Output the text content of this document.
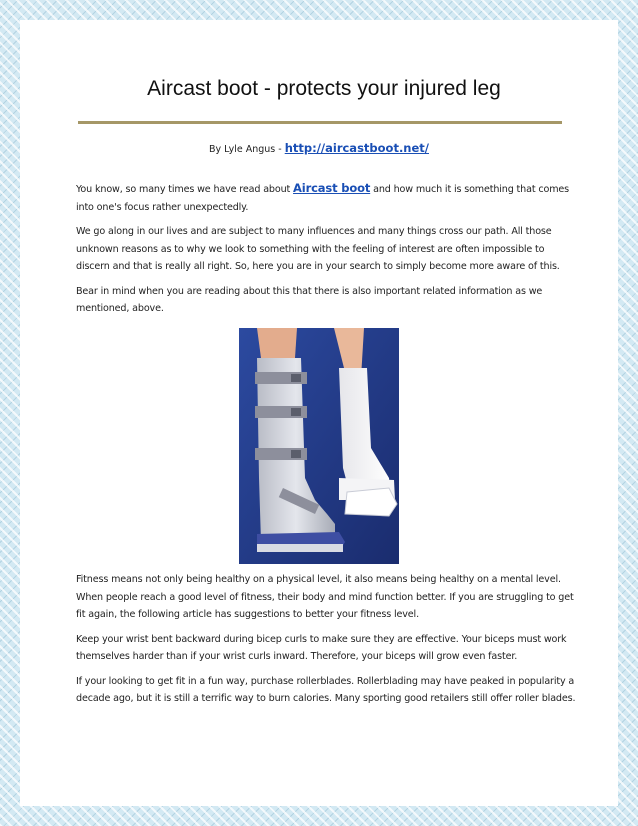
Aircast boot - protects your injured leg
By Lyle Angus - http://aircastboot.net/

You know, so many times we have read about Aircast boot and how much it is something that comes into one's focus rather unexpectedly.

We go along in our lives and are subject to many influences and many things cross our path. All those unknown reasons as to why we look to something with the feeling of interest are often impossible to discern and that is really all right. So, here you are in your search to simply become more aware of this.

Bear in mind when you are reading about this that there is also important related information as we mentioned, above.

Fitness means not only being healthy on a physical level, it also means being healthy on a mental level. When people reach a good level of fitness, their body and mind function better. If you are struggling to get fit again, the following article has suggestions to better your fitness level.

Keep your wrist bent backward during bicep curls to make sure they are effective. Your biceps must work themselves harder than if your wrist curls inward. Therefore, your biceps will grow even faster.

If your looking to get fit in a fun way, purchase rollerblades. Rollerblading may have peaked in popularity a decade ago, but it is still a terrific way to burn calories. Many sporting good retailers still offer roller blades.
